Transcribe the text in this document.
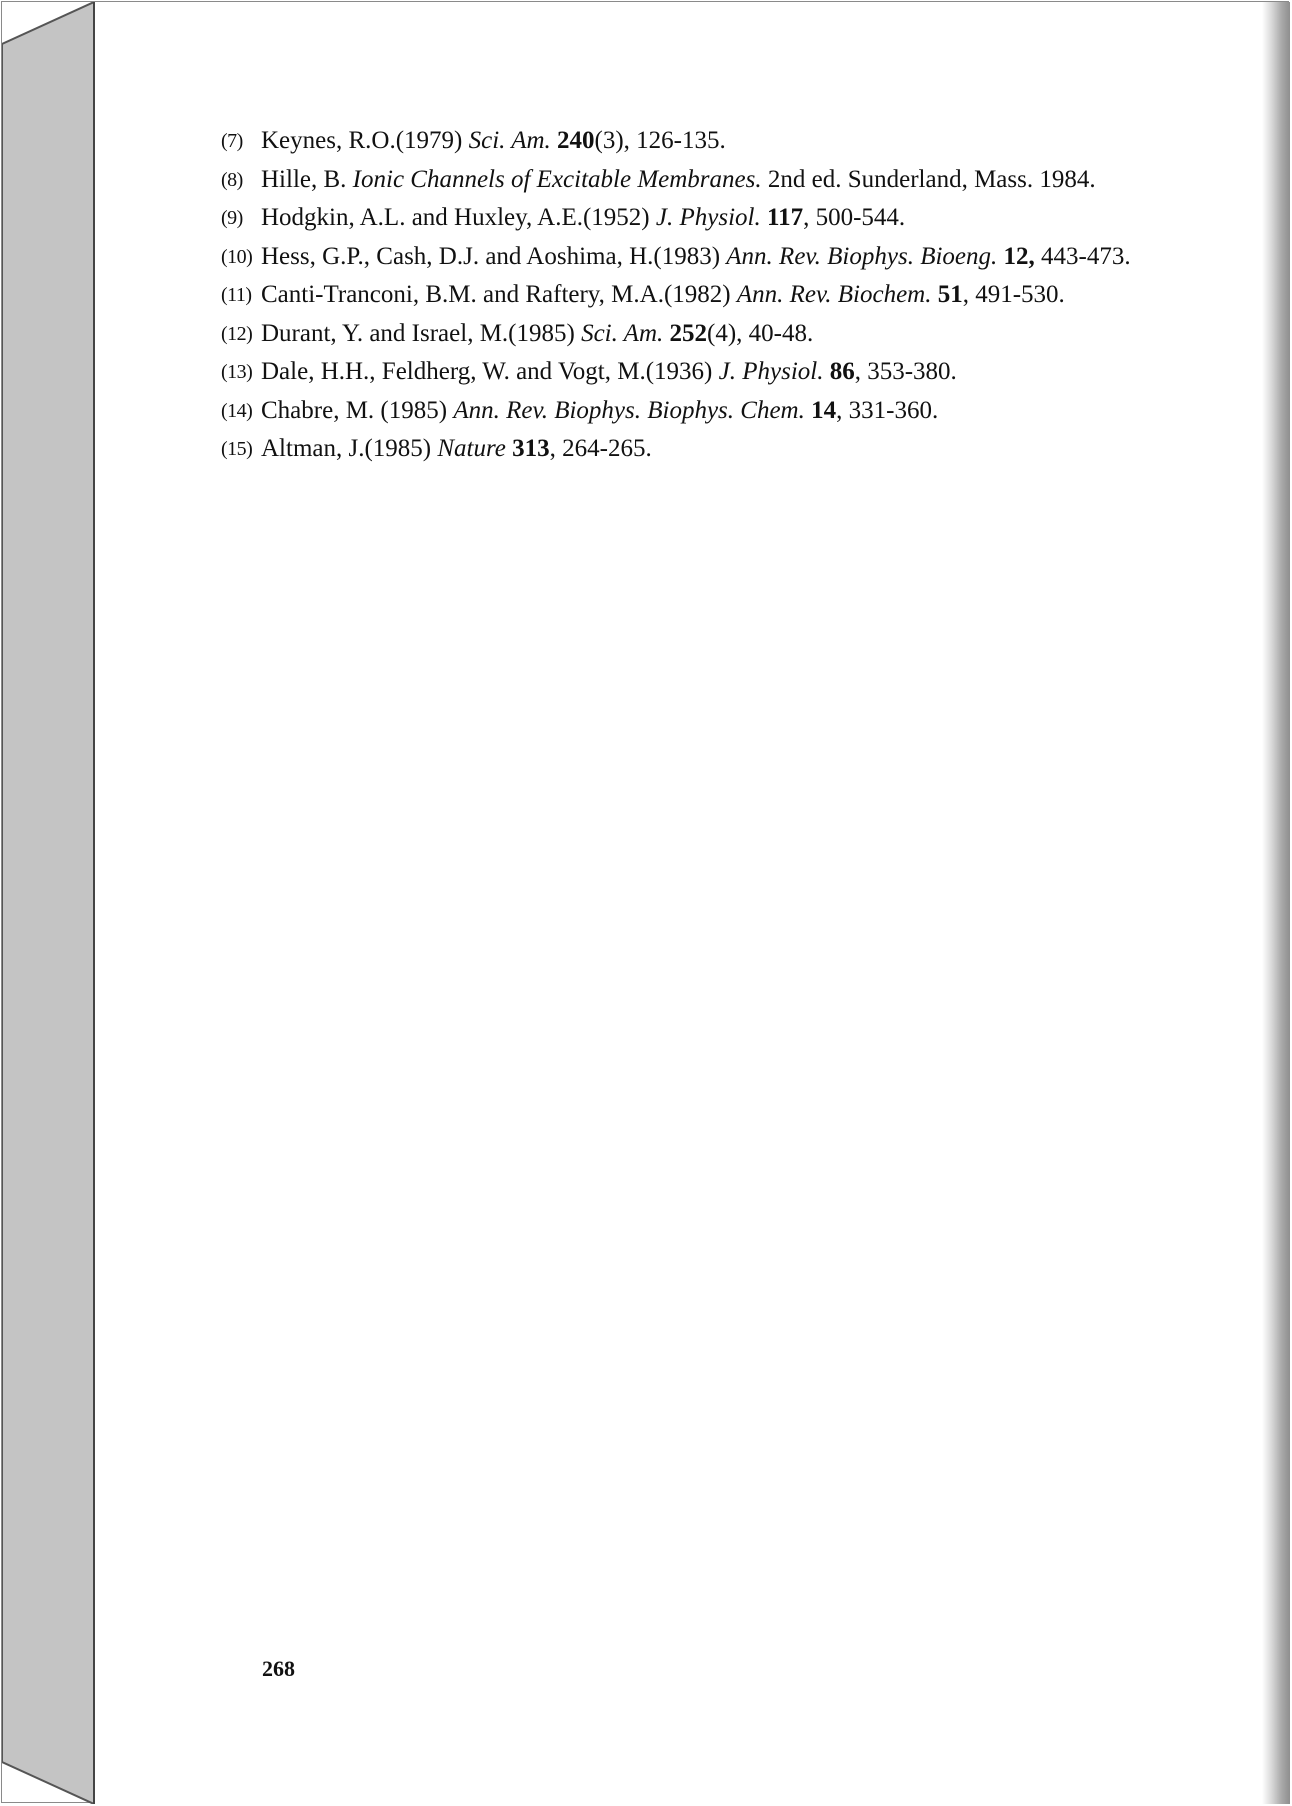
(7) Keynes, R.O.(1979) Sci. Am. 240(3), 126-135.
(8) Hille, B. Ionic Channels of Excitable Membranes. 2nd ed. Sunderland, Mass. 1984.
(9) Hodgkin, A.L. and Huxley, A.E.(1952) J. Physiol. 117, 500-544.
(10) Hess, G.P., Cash, D.J. and Aoshima, H.(1983) Ann. Rev. Biophys. Bioeng. 12, 443-473.
(11) Canti-Tranconi, B.M. and Raftery, M.A.(1982) Ann. Rev. Biochem. 51, 491-530.
(12) Durant, Y. and Israel, M.(1985) Sci. Am. 252(4), 40-48.
(13) Dale, H.H., Feldherg, W. and Vogt, M.(1936) J. Physiol. 86, 353-380.
(14) Chabre, M. (1985) Ann. Rev. Biophys. Biophys. Chem. 14, 331-360.
(15) Altman, J.(1985) Nature 313, 264-265.
268
